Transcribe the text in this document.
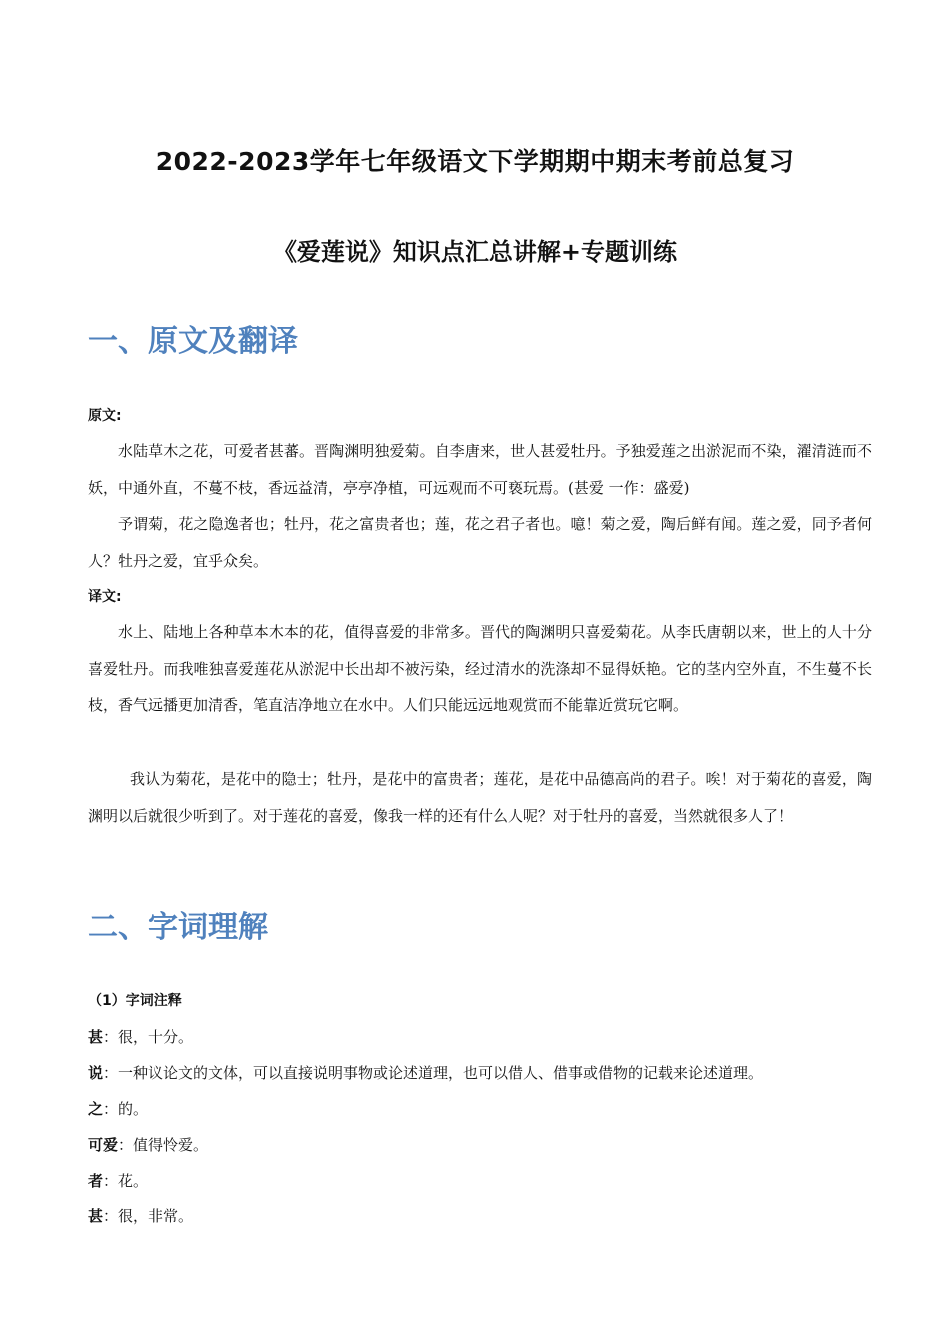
2022-2023学年七年级语文下学期期中期末考前总复习
《爱莲说》知识点汇总讲解+专题训练
一、原文及翻译
原文:
水陆草木之花，可爱者甚蕃。晋陶渊明独爱菊。自李唐来，世人甚爱牡丹。予独爱莲之出淤泥而不染，濯清涟而不妖，中通外直，不蔓不枝，香远益清，亭亭净植，可远观而不可亵玩焉。(甚爱 一作：盛爱)
予谓菊，花之隐逸者也；牡丹，花之富贵者也；莲，花之君子者也。噫！菊之爱，陶后鲜有闻。莲之爱，同予者何人？牡丹之爱，宜乎众矣。
译文:
水上、陆地上各种草本木本的花，值得喜爱的非常多。晋代的陶渊明只喜爱菊花。从李氏唐朝以来，世上的人十分喜爱牡丹。而我唯独喜爱莲花从淤泥中长出却不被污染，经过清水的洗涤却不显得妖艳。它的茎内空外直，不生蔓不长枝，香气远播更加清香，笔直洁净地立在水中。人们只能远远地观赏而不能靠近赏玩它啊。
我认为菊花，是花中的隐士；牡丹，是花中的富贵者；莲花，是花中品德高尚的君子。唉！对于菊花的喜爱，陶渊明以后就很少听到了。对于莲花的喜爱，像我一样的还有什么人呢？对于牡丹的喜爱，当然就很多人了！
二、字词理解
（1）字词注释
甚：很，十分。
说：一种议论文的文体，可以直接说明事物或论述道理，也可以借人、借事或借物的记载来论述道理。
之：的。
可爱：值得怜爱。
者：花。
甚：很，非常。
